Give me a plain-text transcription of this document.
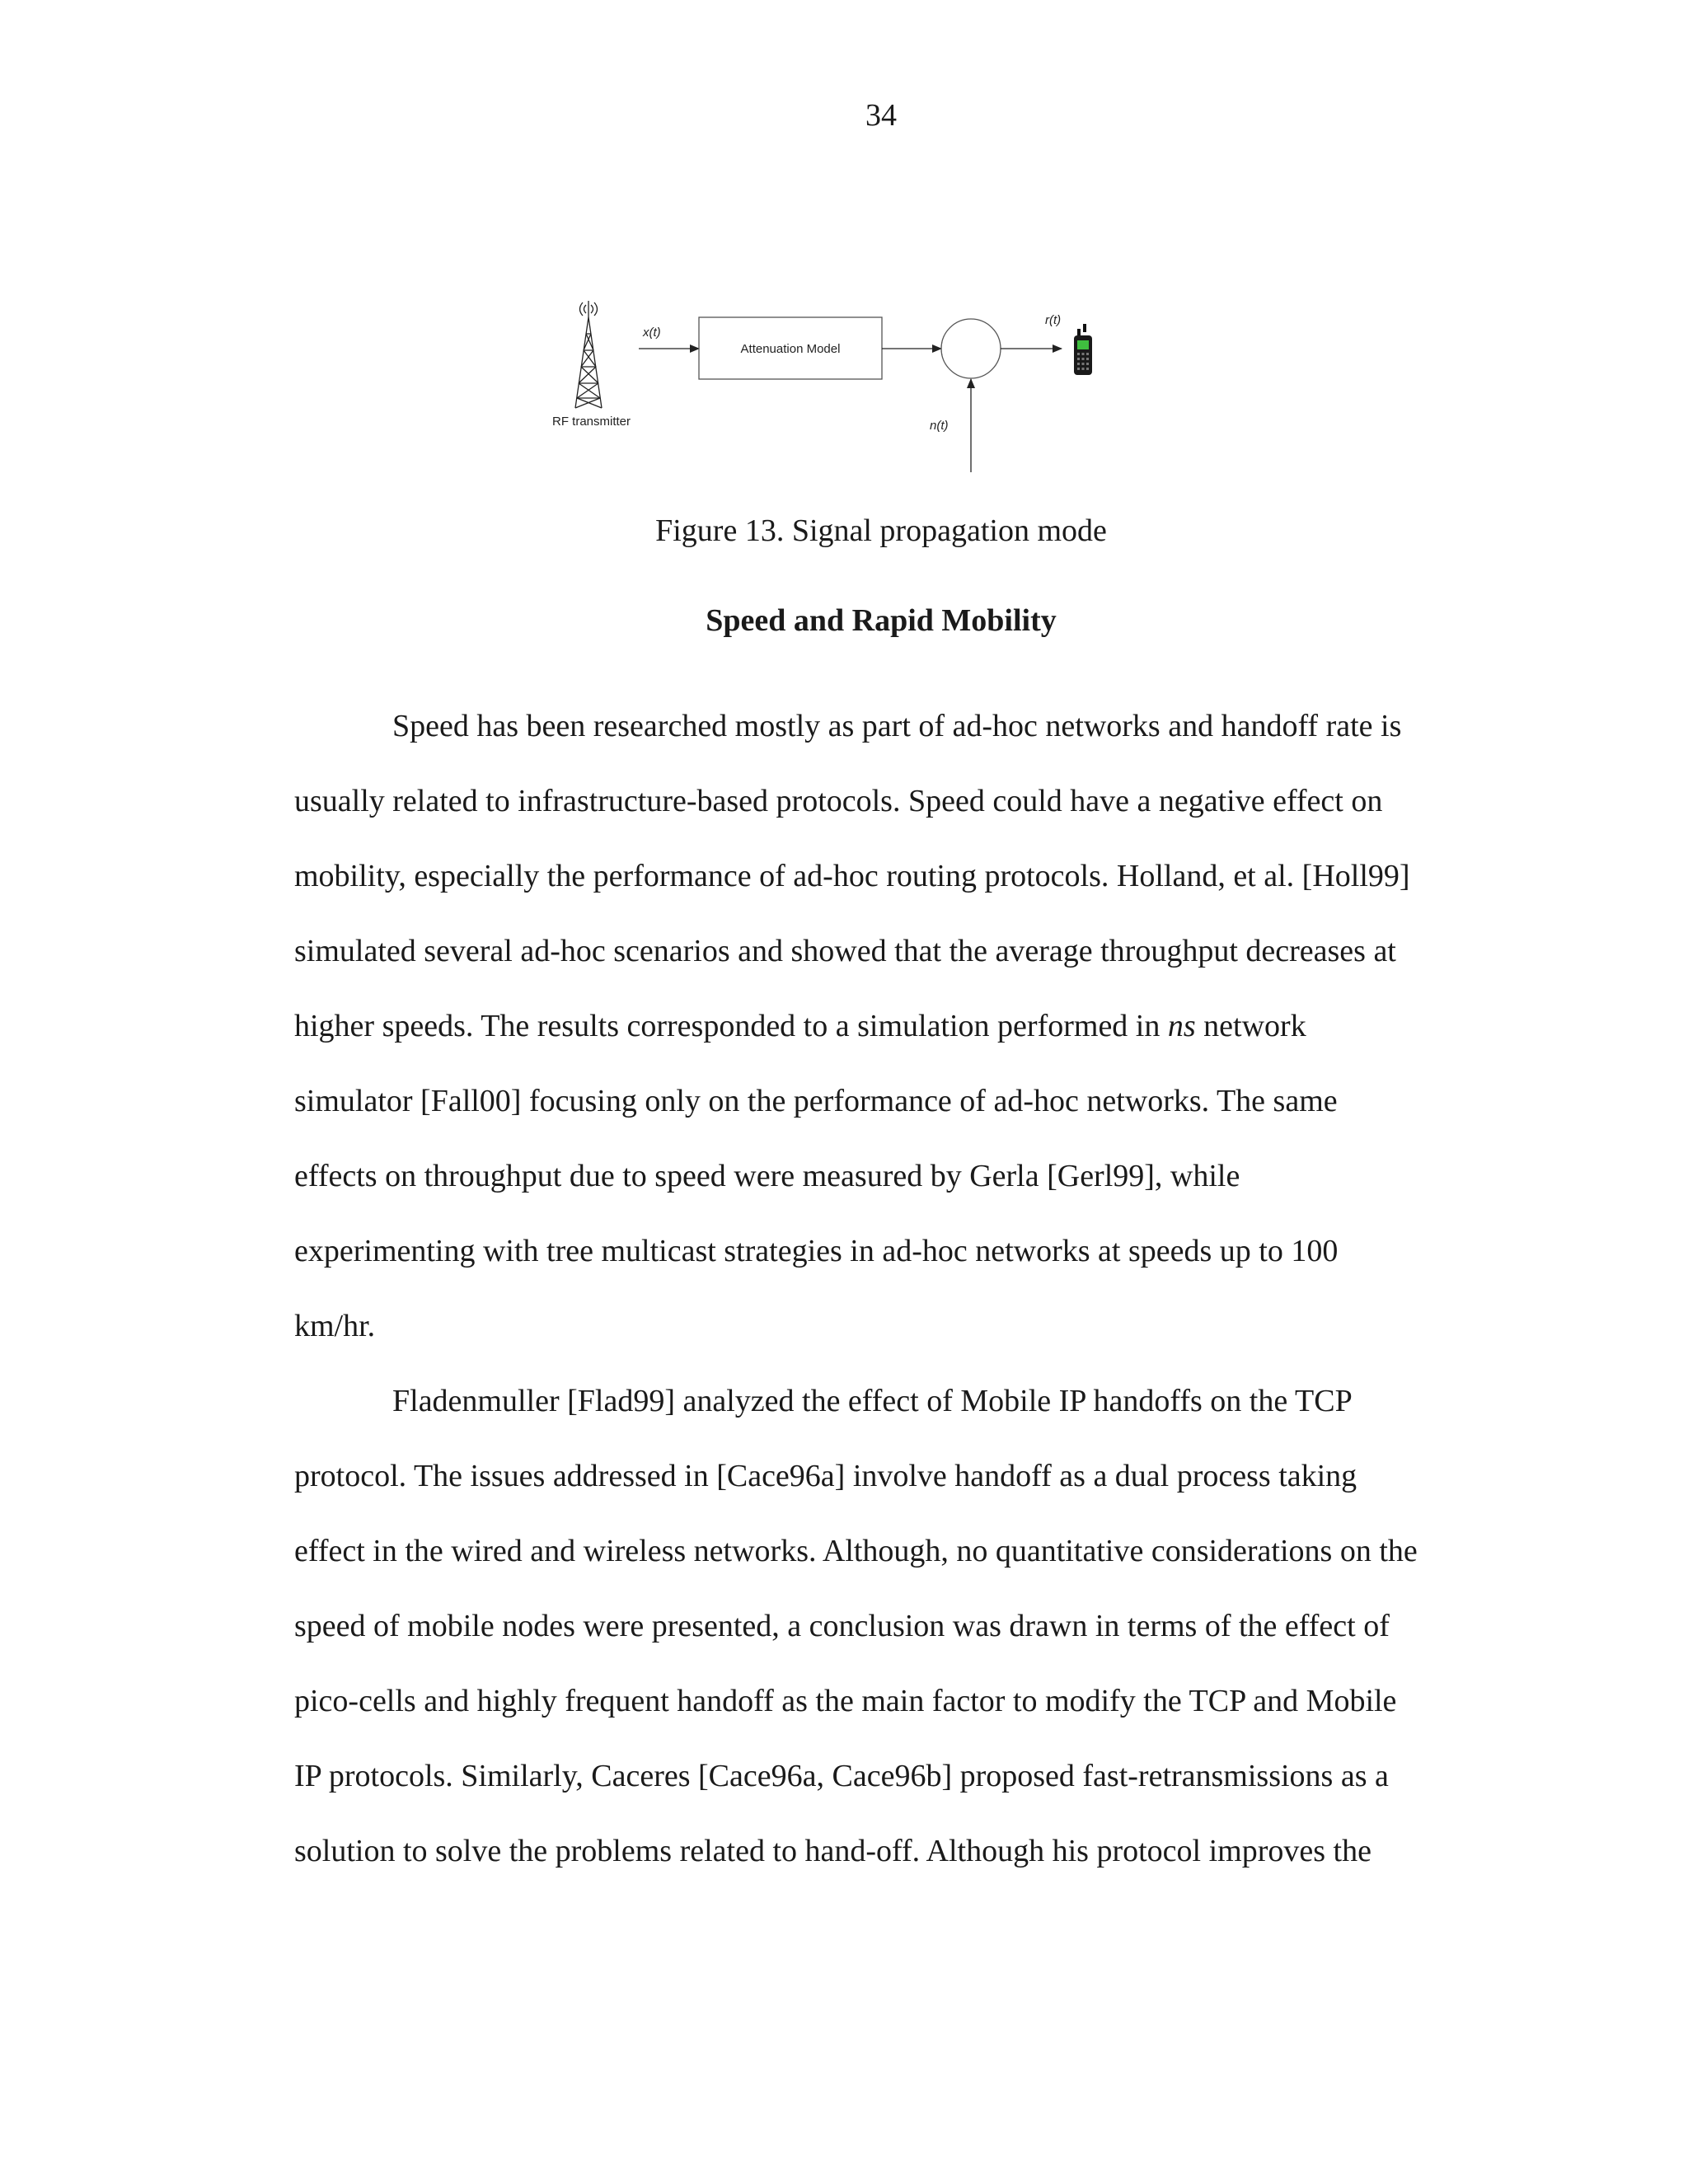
34
RF transmitter
x(t)
Attenuation Model
r(t)
n(t)
Figure 13. Signal propagation mode
Speed and Rapid Mobility
Speed has been researched mostly as part of ad-hoc networks and handoff rate is
usually related to infrastructure-based protocols. Speed could have a negative effect on
mobility, especially the performance of ad-hoc routing protocols. Holland, et al. [Holl99]
simulated several ad-hoc scenarios and showed that the average throughput decreases at
higher speeds. The results corresponded to a simulation performed in ns network
simulator [Fall00] focusing only on the performance of ad-hoc networks. The same
effects on throughput due to speed were measured by Gerla [Gerl99], while
experimenting with tree multicast strategies in ad-hoc networks at speeds up to 100
km/hr.
Fladenmuller [Flad99] analyzed the effect of Mobile IP handoffs on the TCP
protocol. The issues addressed in [Cace96a] involve handoff as a dual process taking
effect in the wired and wireless networks. Although, no quantitative considerations on the
speed of mobile nodes were presented, a conclusion was drawn in terms of the effect of
pico-cells and highly frequent handoff as the main factor to modify the TCP and Mobile
IP protocols. Similarly, Caceres [Cace96a, Cace96b] proposed fast-retransmissions as a
solution to solve the problems related to hand-off. Although his protocol improves the
